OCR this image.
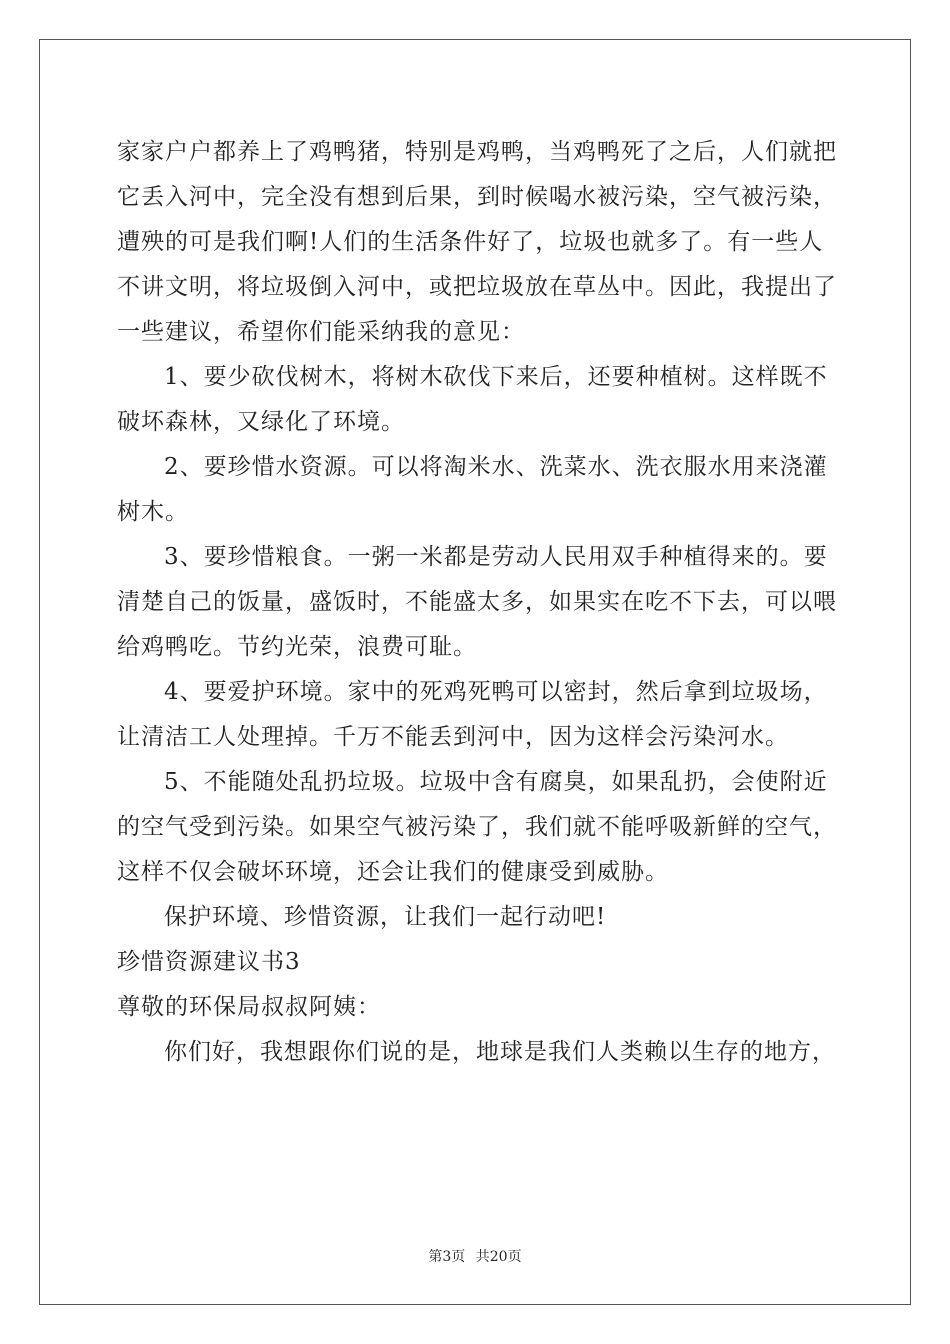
家家户户都养上了鸡鸭猪，特别是鸡鸭，当鸡鸭死了之后，人们就把
它丢入河中，完全没有想到后果，到时候喝水被污染，空气被污染，
遭殃的可是我们啊!人们的生活条件好了，垃圾也就多了。有一些人
不讲文明，将垃圾倒入河中，或把垃圾放在草丛中。因此，我提出了
一些建议，希望你们能采纳我的意见：
1、要少砍伐树木，将树木砍伐下来后，还要种植树。这样既不
破坏森林，又绿化了环境。
2、要珍惜水资源。可以将淘米水、洗菜水、洗衣服水用来浇灌
树木。
3、要珍惜粮食。一粥一米都是劳动人民用双手种植得来的。要
清楚自己的饭量，盛饭时，不能盛太多，如果实在吃不下去，可以喂
给鸡鸭吃。节约光荣，浪费可耻。
4、要爱护环境。家中的死鸡死鸭可以密封，然后拿到垃圾场，
让清洁工人处理掉。千万不能丢到河中，因为这样会污染河水。
5、不能随处乱扔垃圾。垃圾中含有腐臭，如果乱扔，会使附近
的空气受到污染。如果空气被污染了，我们就不能呼吸新鲜的空气，
这样不仅会破坏环境，还会让我们的健康受到威胁。
保护环境、珍惜资源，让我们一起行动吧!
珍惜资源建议书3
尊敬的环保局叔叔阿姨：
你们好，我想跟你们说的是，地球是我们人类赖以生存的地方，
第3页 共20页
